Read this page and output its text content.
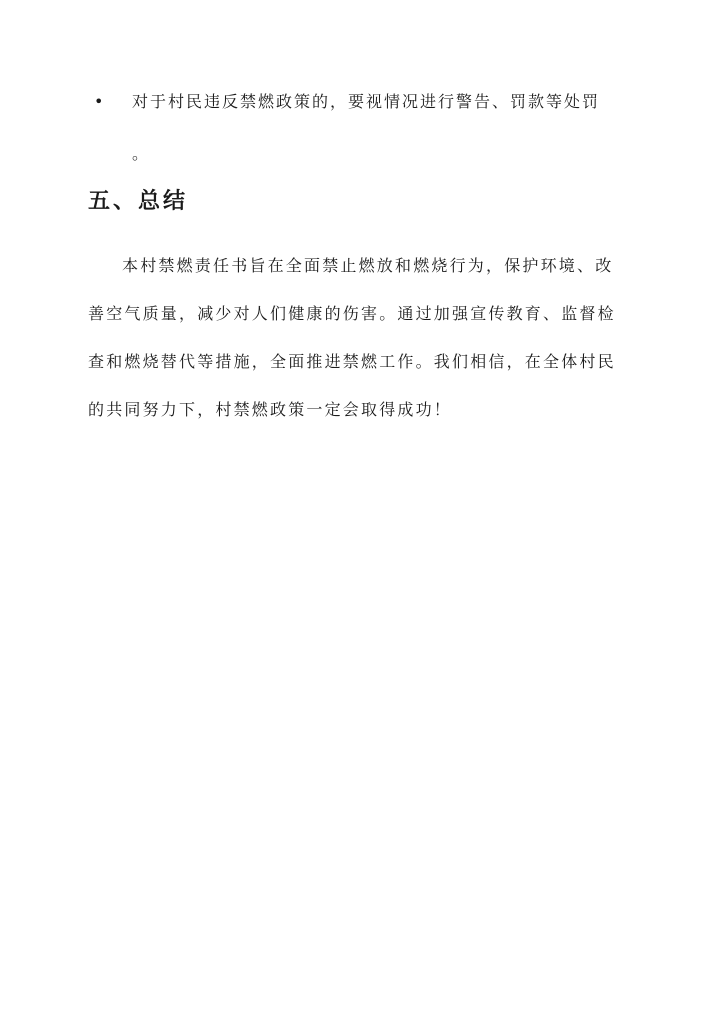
• 对于村民违反禁燃政策的，要视情况进行警告、罚款等处罚
。
五、总结
本村禁燃责任书旨在全面禁止燃放和燃烧行为，保护环境、改
善空气质量，减少对人们健康的伤害。通过加强宣传教育、监督检
查和燃烧替代等措施，全面推进禁燃工作。我们相信，在全体村民
的共同努力下，村禁燃政策一定会取得成功！
